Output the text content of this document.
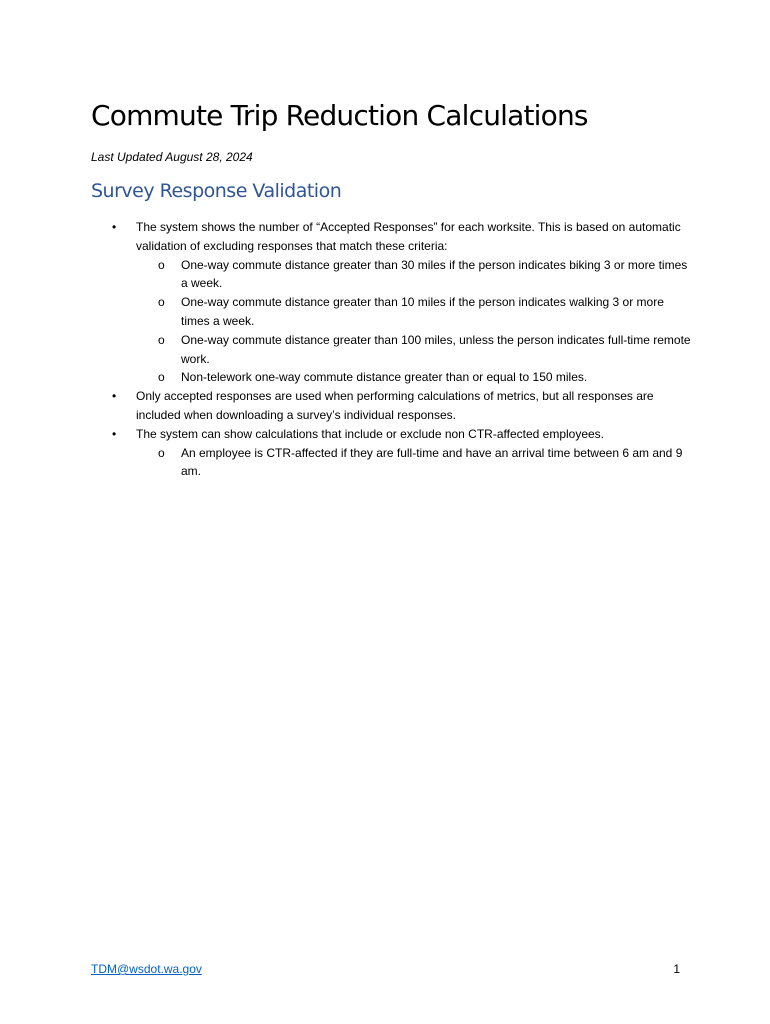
Commute Trip Reduction Calculations

Last Updated August 28, 2024

Survey Response Validation
• The system shows the number of “Accepted Responses” for each worksite. This is based on automatic validation of excluding responses that match these criteria:
o One-way commute distance greater than 30 miles if the person indicates biking 3 or more times a week.
o One-way commute distance greater than 10 miles if the person indicates walking 3 or more times a week.
o One-way commute distance greater than 100 miles, unless the person indicates full-time remote work.
o Non-telework one-way commute distance greater than or equal to 150 miles.
• Only accepted responses are used when performing calculations of metrics, but all responses are included when downloading a survey’s individual responses.
• The system can show calculations that include or exclude non CTR-affected employees.
o An employee is CTR-affected if they are full-time and have an arrival time between 6 am and 9 am.
TDM@wsdot.wa.gov	1
